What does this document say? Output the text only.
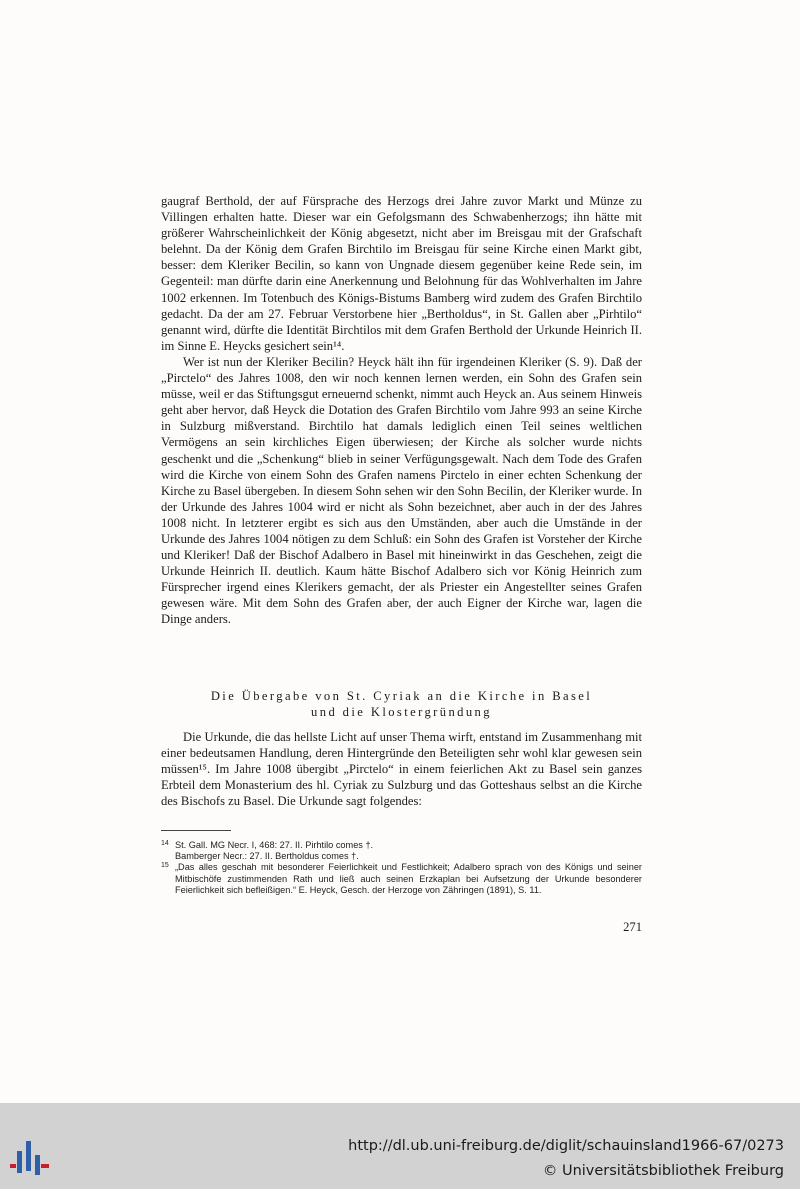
gaugraf Berthold, der auf Fürsprache des Herzogs drei Jahre zuvor Markt und Münze zu Villingen erhalten hatte. Dieser war ein Gefolgsmann des Schwabenherzogs; ihn hätte mit größerer Wahrscheinlichkeit der König abgesetzt, nicht aber im Breisgau mit der Grafschaft belehnt. Da der König dem Grafen Birchtilo im Breisgau für seine Kirche einen Markt gibt, besser: dem Kleriker Becilin, so kann von Ungnade diesem gegenüber keine Rede sein, im Gegenteil: man dürfte darin eine Anerkennung und Belohnung für das Wohlverhalten im Jahre 1002 erkennen. Im Totenbuch des Königs-Bistums Bamberg wird zudem des Grafen Birchtilo gedacht. Da der am 27. Februar Verstorbene hier „Bertholdus“, in St. Gallen aber „Pirhtilo“ genannt wird, dürfte die Identität Birchtilos mit dem Grafen Berthold der Urkunde Heinrich II. im Sinne E. Heycks gesichert sein¹⁴.

Wer ist nun der Kleriker Becilin? Heyck hält ihn für irgendeinen Kleriker (S. 9). Daß der „Pirctelo“ des Jahres 1008, den wir noch kennen lernen werden, ein Sohn des Grafen sein müsse, weil er das Stiftungsgut erneuernd schenkt, nimmt auch Heyck an. Aus seinem Hinweis geht aber hervor, daß Heyck die Dotation des Grafen Birchtilo vom Jahre 993 an seine Kirche in Sulzburg mißverstand. Birchtilo hat damals lediglich einen Teil seines weltlichen Vermögens an sein kirchliches Eigen überwiesen; der Kirche als solcher wurde nichts geschenkt und die „Schenkung“ blieb in seiner Verfügungsgewalt. Nach dem Tode des Grafen wird die Kirche von einem Sohn des Grafen namens Pirctelo in einer echten Schenkung der Kirche zu Basel übergeben. In diesem Sohn sehen wir den Sohn Becilin, der Kleriker wurde. In der Urkunde des Jahres 1004 wird er nicht als Sohn bezeichnet, aber auch in der des Jahres 1008 nicht. In letzterer ergibt es sich aus den Umständen, aber auch die Umstände in der Urkunde des Jahres 1004 nötigen zu dem Schluß: ein Sohn des Grafen ist Vorsteher der Kirche und Kleriker! Daß der Bischof Adalbero in Basel mit hineinwirkt in das Geschehen, zeigt die Urkunde Heinrich II. deutlich. Kaum hätte Bischof Adalbero sich vor König Heinrich zum Fürsprecher irgend eines Klerikers gemacht, der als Priester ein Angestellter seines Grafen gewesen wäre. Mit dem Sohn des Grafen aber, der auch Eigner der Kirche war, lagen die Dinge anders.

Die Übergabe von St. Cyriak an die Kirche in Basel
und die Klostergründung

Die Urkunde, die das hellste Licht auf unser Thema wirft, entstand im Zusammenhang mit einer bedeutsamen Handlung, deren Hintergründe den Beteiligten sehr wohl klar gewesen sein müssen¹⁵. Im Jahre 1008 übergibt „Pirctelo“ in einem feierlichen Akt zu Basel sein ganzes Erbteil dem Monasterium des hl. Cyriak zu Sulzburg und das Gotteshaus selbst an die Kirche des Bischofs zu Basel. Die Urkunde sagt folgendes:

14 St. Gall. MG Necr. I, 468: 27. II. Pirhtilo comes †.
Bamberger Necr.: 27. II. Bertholdus comes †.
15 „Das alles geschah mit besonderer Feierlichkeit und Festlichkeit; Adalbero sprach von des Königs und seiner Mitbischöfe zustimmenden Rath und ließ auch seinen Erzkaplan bei Aufsetzung der Urkunde besonderer Feierlichkeit sich befleißigen.“ E. Heyck, Gesch. der Herzoge von Zähringen (1891), S. 11.
271
http://dl.ub.uni-freiburg.de/diglit/schauinsland1966-67/0273
© Universitätsbibliothek Freiburg
